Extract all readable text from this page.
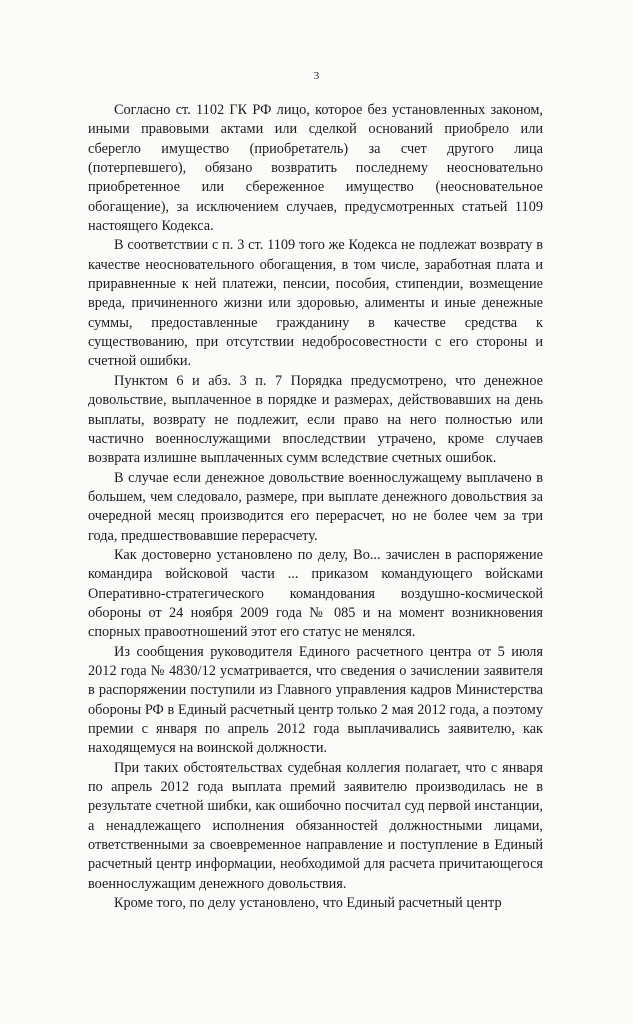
3

Согласно ст. 1102 ГК РФ лицо, которое без установленных законом, иными правовыми актами или сделкой оснований приобрело или сберегло имущество (приобретатель) за счет другого лица (потерпевшего), обязано возвратить последнему неосновательно приобретенное или сбереженное имущество (неосновательное обогащение), за исключением случаев, предусмотренных статьей 1109 настоящего Кодекса.

В соответствии с п. 3 ст. 1109 того же Кодекса не подлежат возврату в качестве неосновательного обогащения, в том числе, заработная плата и приравненные к ней платежи, пенсии, пособия, стипендии, возмещение вреда, причиненного жизни или здоровью, алименты и иные денежные суммы, предоставленные гражданину в качестве средства к существованию, при отсутствии недобросовестности с его стороны и счетной ошибки.

Пунктом 6 и абз. 3 п. 7 Порядка предусмотрено, что денежное довольствие, выплаченное в порядке и размерах, действовавших на день выплаты, возврату не подлежит, если право на него полностью или частично военнослужащими впоследствии утрачено, кроме случаев возврата излишне выплаченных сумм вследствие счетных ошибок.

В случае если денежное довольствие военнослужащему выплачено в большем, чем следовало, размере, при выплате денежного довольствия за очередной месяц производится его перерасчет, но не более чем за три года, предшествовавшие перерасчету.

Как достоверно установлено по делу, Во... зачислен в распоряжение командира войсковой части ... приказом командующего войсками Оперативно-стратегического командования воздушно-космической обороны от 24 ноября 2009 года № 085 и на момент возникновения спорных правоотношений этот его статус не менялся.

Из сообщения руководителя Единого расчетного центра от 5 июля 2012 года № 4830/12 усматривается, что сведения о зачислении заявителя в распоряжении поступили из Главного управления кадров Министерства обороны РФ в Единый расчетный центр только 2 мая 2012 года, а поэтому премии с января по апрель 2012 года выплачивались заявителю, как находящемуся на воинской должности.

При таких обстоятельствах судебная коллегия полагает, что с января по апрель 2012 года выплата премий заявителю производилась не в результате счетной шибки, как ошибочно посчитал суд первой инстанции, а ненадлежащего исполнения обязанностей должностными лицами, ответственными за своевременное направление и поступление в Единый расчетный центр информации, необходимой для расчета причитающегося военнослужащим денежного довольствия.

Кроме того, по делу установлено, что Единый расчетный центр
